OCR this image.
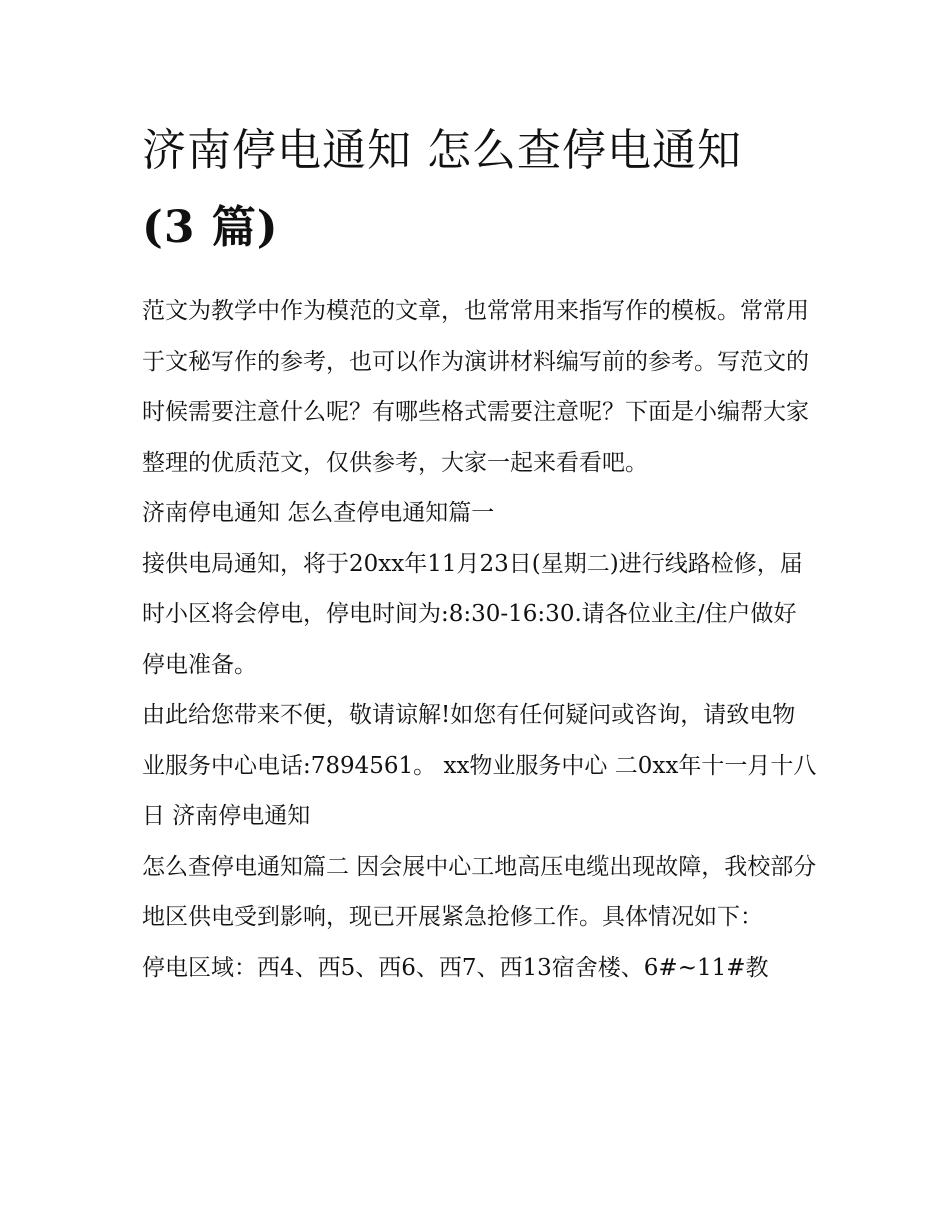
济南停电通知 怎么查停电通知
(3 篇)

范文为教学中作为模范的文章，也常常用来指写作的模板。常常用于文秘写作的参考，也可以作为演讲材料编写前的参考。写范文的时候需要注意什么呢？有哪些格式需要注意呢？下面是小编帮大家整理的优质范文，仅供参考，大家一起来看看吧。

济南停电通知 怎么查停电通知篇一

接供电局通知，将于20xx年11月23日(星期二)进行线路检修，届时小区将会停电，停电时间为:8:30-16:30.请各位业主/住户做好停电准备。

由此给您带来不便，敬请谅解!如您有任何疑问或咨询，请致电物业服务中心电话:7894561。 xx物业服务中心 二0xx年十一月十八日 济南停电通知

怎么查停电通知篇二 因会展中心工地高压电缆出现故障，我校部分地区供电受到影响，现已开展紧急抢修工作。具体情况如下：

停电区域：西4、西5、西6、西7、西13宿舍楼、6#~11#教
